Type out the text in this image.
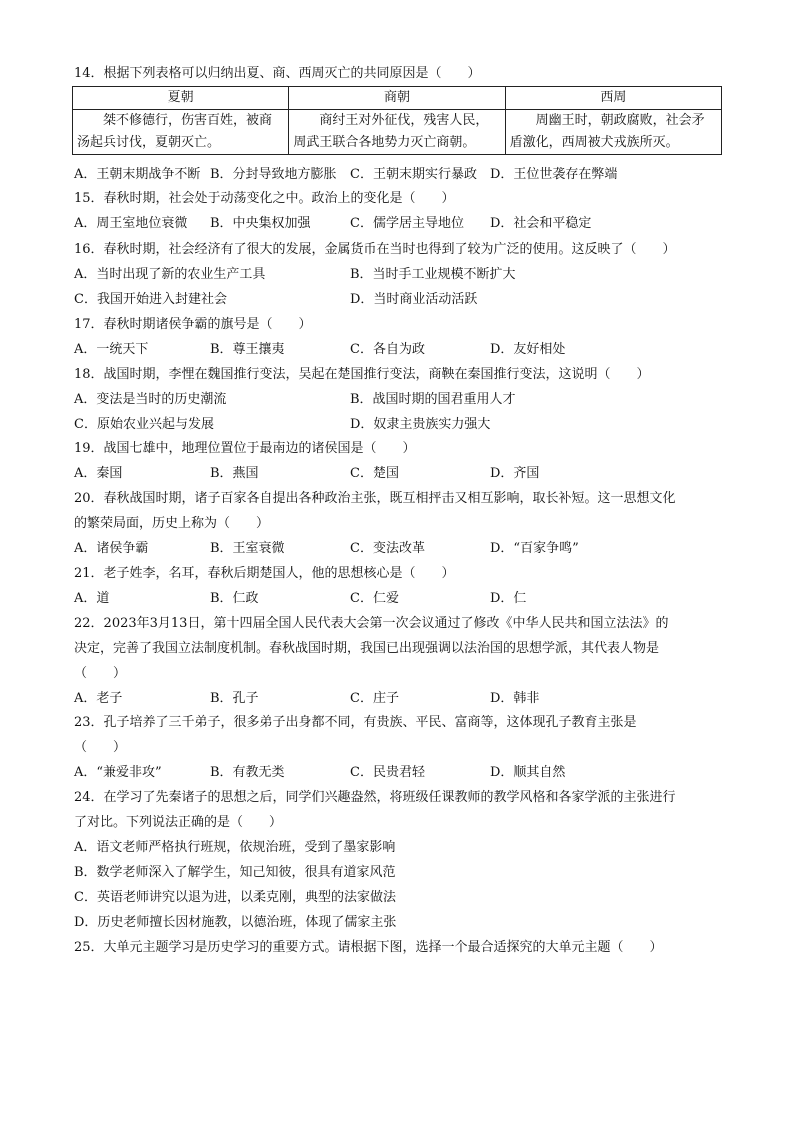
14．根据下列表格可以归纳出夏、商、西周灭亡的共同原因是（　　）
夏朝	商朝	西周
桀不修德行，伤害百姓，被商汤起兵讨伐，夏朝灭亡。	商纣王对外征伐，残害人民，周武王联合各地势力灭亡商朝。	周幽王时，朝政腐败，社会矛盾激化，西周被犬戎族所灭。
A．王朝末期战争不断 B．分封导致地方膨胀 C．王朝末期实行暴政 D．王位世袭存在弊端
15．春秋时期，社会处于动荡变化之中。政治上的变化是（　　）
A．周王室地位衰微 B．中央集权加强	C．儒学居主导地位 D．社会和平稳定
16．春秋时期，社会经济有了很大的发展，金属货币在当时也得到了较为广泛的使用。这反映了（　　）
A．当时出现了新的农业生产工具	B．当时手工业规模不断扩大
C．我国开始进入封建社会	D．当时商业活动活跃
17．春秋时期诸侯争霸的旗号是（　　）
A．一统天下	B．尊王攘夷	C．各自为政	D．友好相处
18．战国时期，李悝在魏国推行变法，吴起在楚国推行变法，商鞅在秦国推行变法，这说明（　　）
A．变法是当时的历史潮流	B．战国时期的国君重用人才
C．原始农业兴起与发展	D．奴隶主贵族实力强大
19．战国七雄中，地理位置位于最南边的诸侯国是（　　）
A．秦国	B．燕国	C．楚国	D．齐国
20．春秋战国时期，诸子百家各自提出各种政治主张，既互相抨击又相互影响，取长补短。这一思想文化
的繁荣局面，历史上称为（　　）
A．诸侯争霸	B．王室衰微	C．变法改革	D．“百家争鸣”
21．老子姓李，名耳，春秋后期楚国人，他的思想核心是（　　）
A．道	B．仁政	C．仁爱	D．仁
22．2023年3月13日，第十四届全国人民代表大会第一次会议通过了修改《中华人民共和国立法法》的
决定，完善了我国立法制度机制。春秋战国时期，我国已出现强调以法治国的思想学派，其代表人物是
（　　）
A．老子	B．孔子	C．庄子	D．韩非
23．孔子培养了三千弟子，很多弟子出身都不同，有贵族、平民、富商等，这体现孔子教育主张是
（　　）
A．“兼爱非攻”	B．有教无类	C．民贵君轻	D．顺其自然
24．在学习了先秦诸子的思想之后，同学们兴趣盎然，将班级任课教师的教学风格和各家学派的主张进行
了对比。下列说法正确的是（　　）
A．语文老师严格执行班规，依规治班，受到了墨家影响
B．数学老师深入了解学生，知己知彼，很具有道家风范
C．英语老师讲究以退为进，以柔克刚，典型的法家做法
D．历史老师擅长因材施教，以德治班，体现了儒家主张
25．大单元主题学习是历史学习的重要方式。请根据下图，选择一个最合适探究的大单元主题（　　）
